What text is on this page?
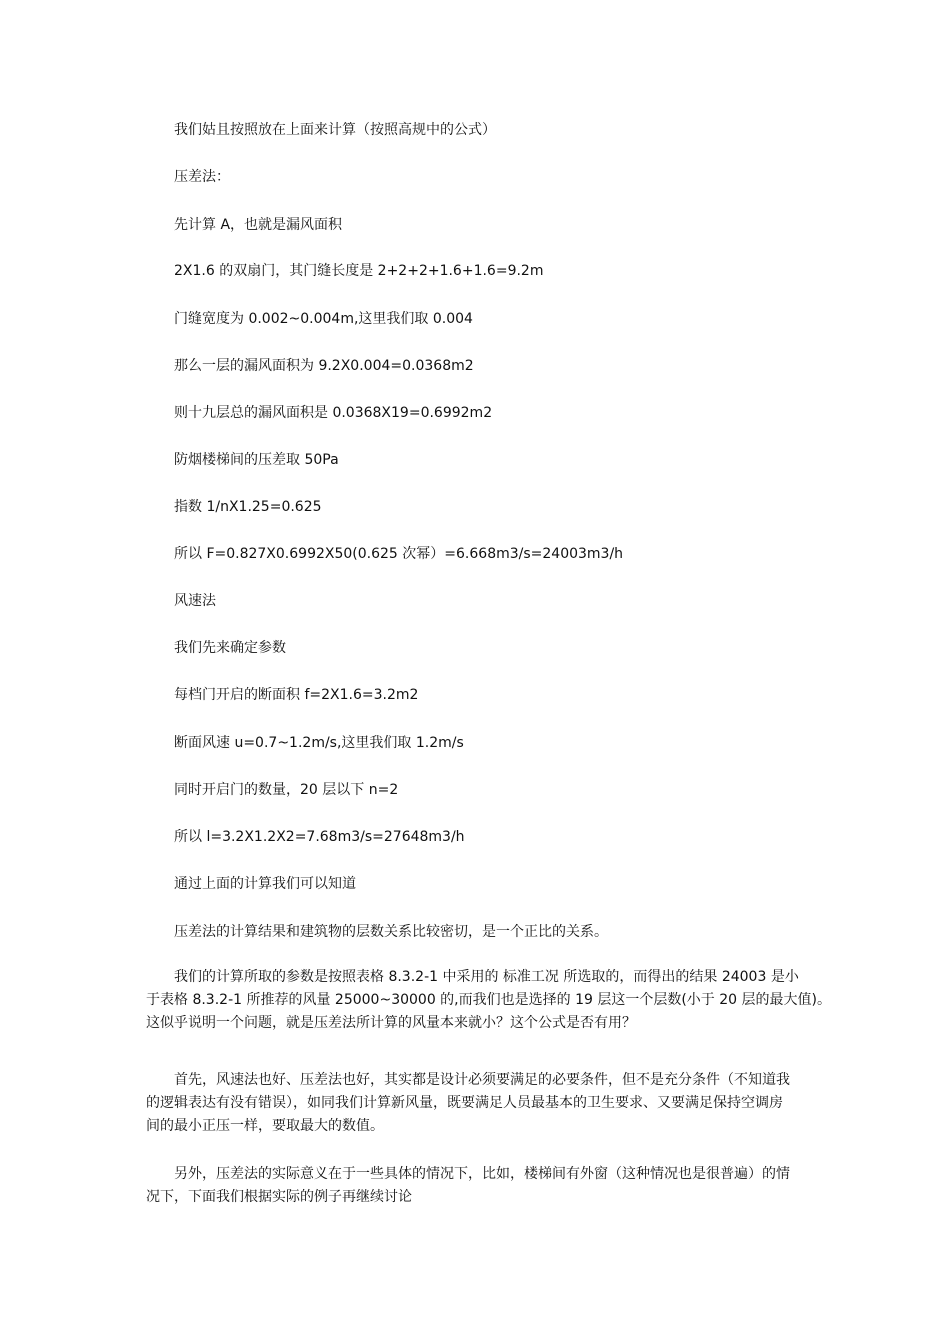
我们姑且按照放在上面来计算（按照高规中的公式）
压差法：
先计算 A，也就是漏风面积
2X1.6 的双扇门，其门缝长度是 2+2+2+1.6+1.6=9.2m
门缝宽度为 0.002~0.004m,这里我们取 0.004
那么一层的漏风面积为 9.2X0.004=0.0368m2
则十九层总的漏风面积是 0.0368X19=0.6992m2
防烟楼梯间的压差取 50Pa
指数 1/nX1.25=0.625
所以 F=0.827X0.6992X50(0.625 次幂）=6.668m3/s=24003m3/h
风速法
我们先来确定参数
每档门开启的断面积 f=2X1.6=3.2m2
断面风速 u=0.7~1.2m/s,这里我们取 1.2m/s
同时开启门的数量，20 层以下 n=2
所以 l=3.2X1.2X2=7.68m3/s=27648m3/h
通过上面的计算我们可以知道
压差法的计算结果和建筑物的层数关系比较密切，是一个正比的关系。
我们的计算所取的参数是按照表格 8.3.2-1 中采用的 标准工况 所选取的，而得出的结果 24003 是小
于表格 8.3.2-1 所推荐的风量 25000~30000 的,而我们也是选择的 19 层这一个层数(小于 20 层的最大值)。
这似乎说明一个问题，就是压差法所计算的风量本来就小？这个公式是否有用？
首先，风速法也好、压差法也好，其实都是设计必须要满足的必要条件，但不是充分条件（不知道我
的逻辑表达有没有错误），如同我们计算新风量，既要满足人员最基本的卫生要求、又要满足保持空调房
间的最小正压一样，要取最大的数值。
另外，压差法的实际意义在于一些具体的情况下，比如，楼梯间有外窗（这种情况也是很普遍）的情
况下，下面我们根据实际的例子再继续讨论
